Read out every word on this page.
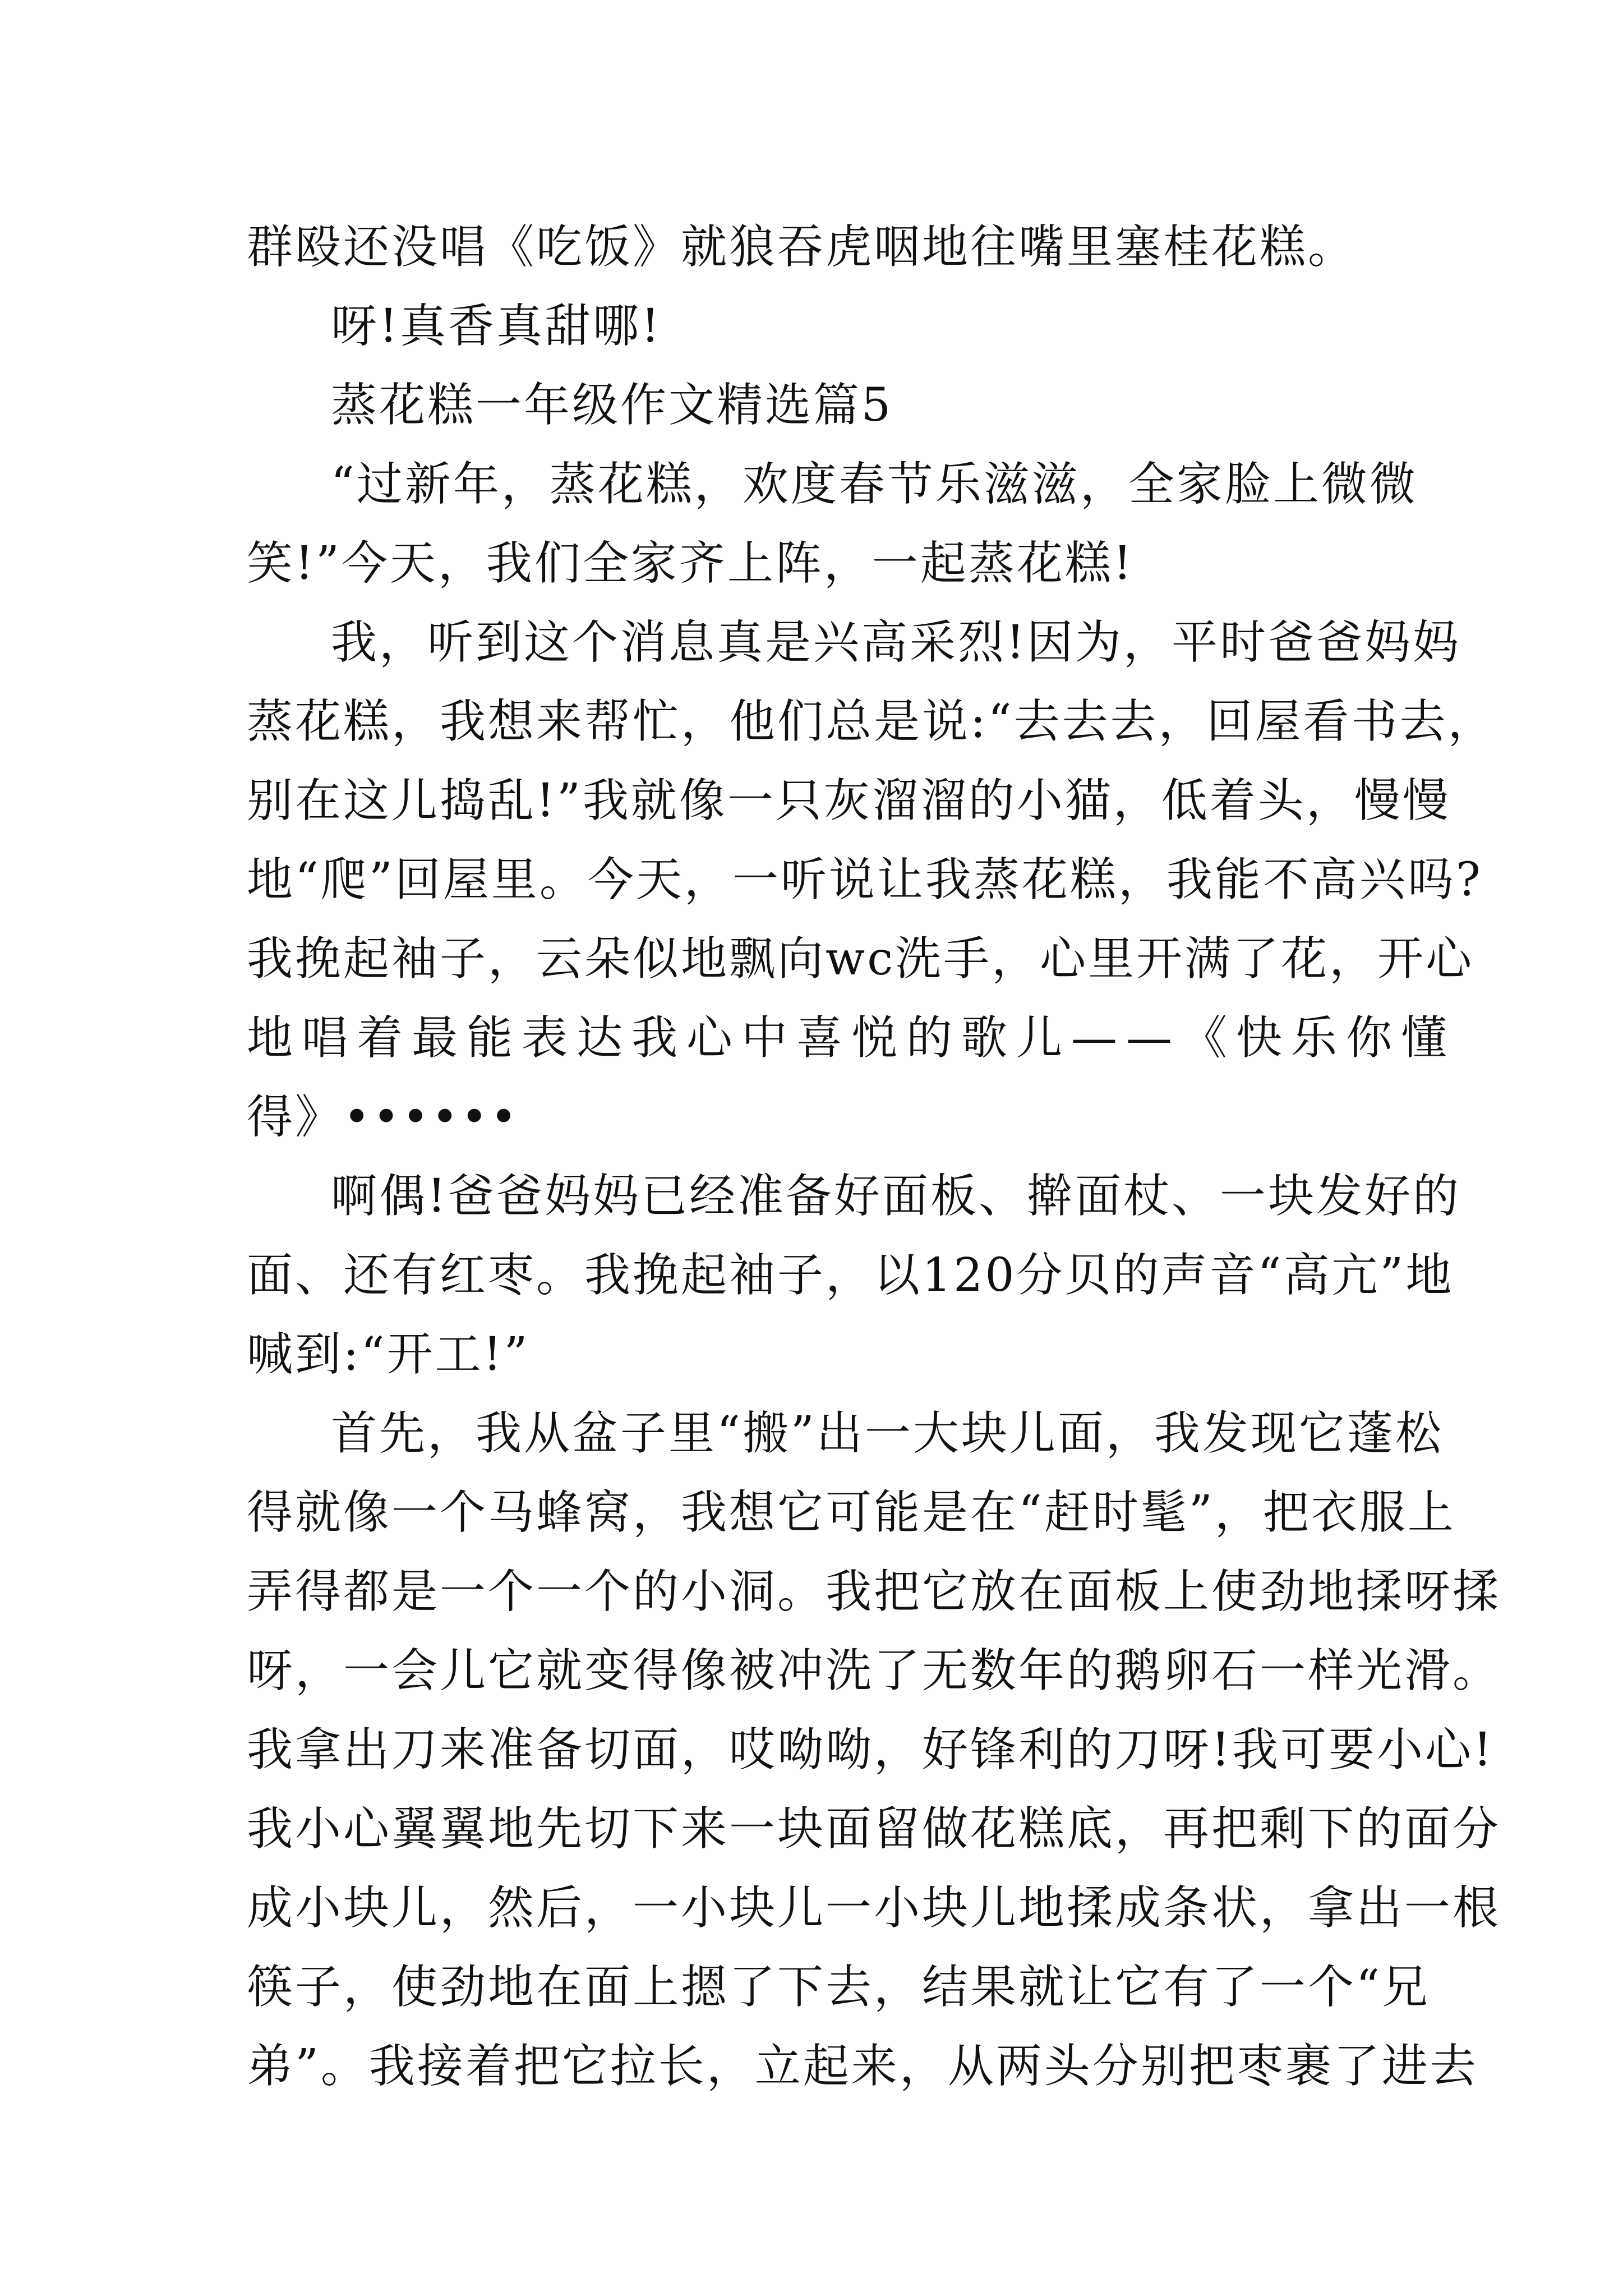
群殴还没唱《吃饭》就狼吞虎咽地往嘴里塞桂花糕。
呀!真香真甜哪!
蒸花糕一年级作文精选篇5
“过新年，蒸花糕，欢度春节乐滋滋，全家脸上微微
笑!”今天，我们全家齐上阵，一起蒸花糕!
我，听到这个消息真是兴高采烈!因为，平时爸爸妈妈
蒸花糕，我想来帮忙，他们总是说:“去去去，回屋看书去，
别在这儿捣乱!”我就像一只灰溜溜的小猫，低着头，慢慢
地“爬”回屋里。今天，一听说让我蒸花糕，我能不高兴吗?
我挽起袖子，云朵似地飘向wc洗手，心里开满了花，开心
地唱着最能表达我心中喜悦的歌儿——《快乐你懂
得》••••••
啊偶!爸爸妈妈已经准备好面板、擀面杖、一块发好的
面、还有红枣。我挽起袖子，以120分贝的声音“高亢”地
喊到:“开工!”
首先，我从盆子里“搬”出一大块儿面，我发现它蓬松
得就像一个马蜂窝，我想它可能是在“赶时髦”，把衣服上
弄得都是一个一个的小洞。我把它放在面板上使劲地揉呀揉
呀，一会儿它就变得像被冲洗了无数年的鹅卵石一样光滑。
我拿出刀来准备切面，哎呦呦，好锋利的刀呀!我可要小心!
我小心翼翼地先切下来一块面留做花糕底，再把剩下的面分
成小块儿，然后，一小块儿一小块儿地揉成条状，拿出一根
筷子，使劲地在面上摁了下去，结果就让它有了一个“兄
弟”。我接着把它拉长，立起来，从两头分别把枣裹了进去
